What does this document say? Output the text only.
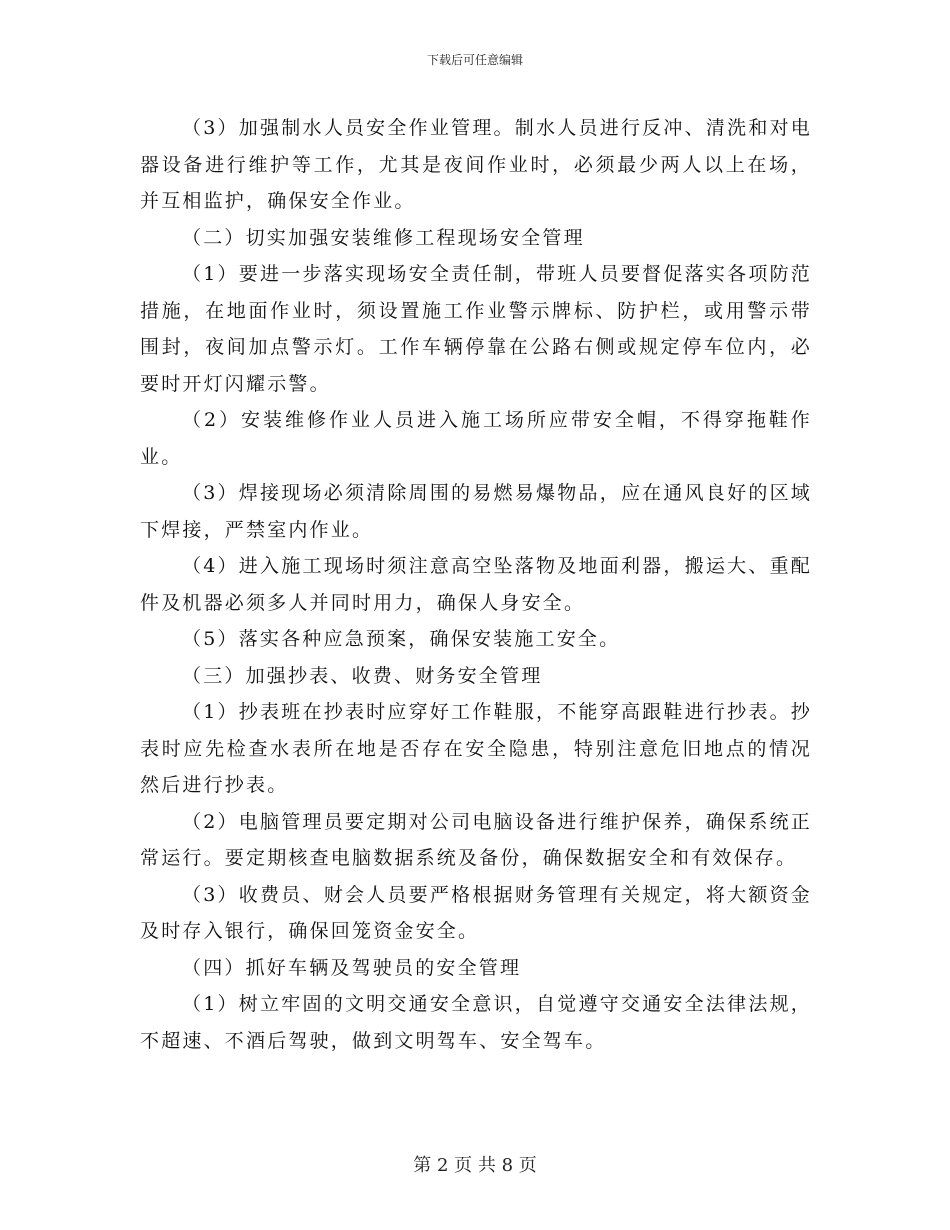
下载后可任意编辑

（3）加强制水人员安全作业管理。制水人员进行反冲、清洗和对电器设备进行维护等工作，尤其是夜间作业时，必须最少两人以上在场，并互相监护，确保安全作业。

（二）切实加强安装维修工程现场安全管理

（1）要进一步落实现场安全责任制，带班人员要督促落实各项防范措施，在地面作业时，须设置施工作业警示牌标、防护栏，或用警示带围封，夜间加点警示灯。工作车辆停靠在公路右侧或规定停车位内，必要时开灯闪耀示警。

（2）安装维修作业人员进入施工场所应带安全帽，不得穿拖鞋作业。

（3）焊接现场必须清除周围的易燃易爆物品，应在通风良好的区域下焊接，严禁室内作业。

（4）进入施工现场时须注意高空坠落物及地面利器，搬运大、重配件及机器必须多人并同时用力，确保人身安全。

（5）落实各种应急预案，确保安装施工安全。

（三）加强抄表、收费、财务安全管理

（1）抄表班在抄表时应穿好工作鞋服，不能穿高跟鞋进行抄表。抄表时应先检查水表所在地是否存在安全隐患，特别注意危旧地点的情况然后进行抄表。

（2）电脑管理员要定期对公司电脑设备进行维护保养，确保系统正常运行。要定期核查电脑数据系统及备份，确保数据安全和有效保存。

（3）收费员、财会人员要严格根据财务管理有关规定，将大额资金及时存入银行，确保回笼资金安全。

（四）抓好车辆及驾驶员的安全管理

（1）树立牢固的文明交通安全意识，自觉遵守交通安全法律法规，不超速、不酒后驾驶，做到文明驾车、安全驾车。

第 2 页 共 8 页
